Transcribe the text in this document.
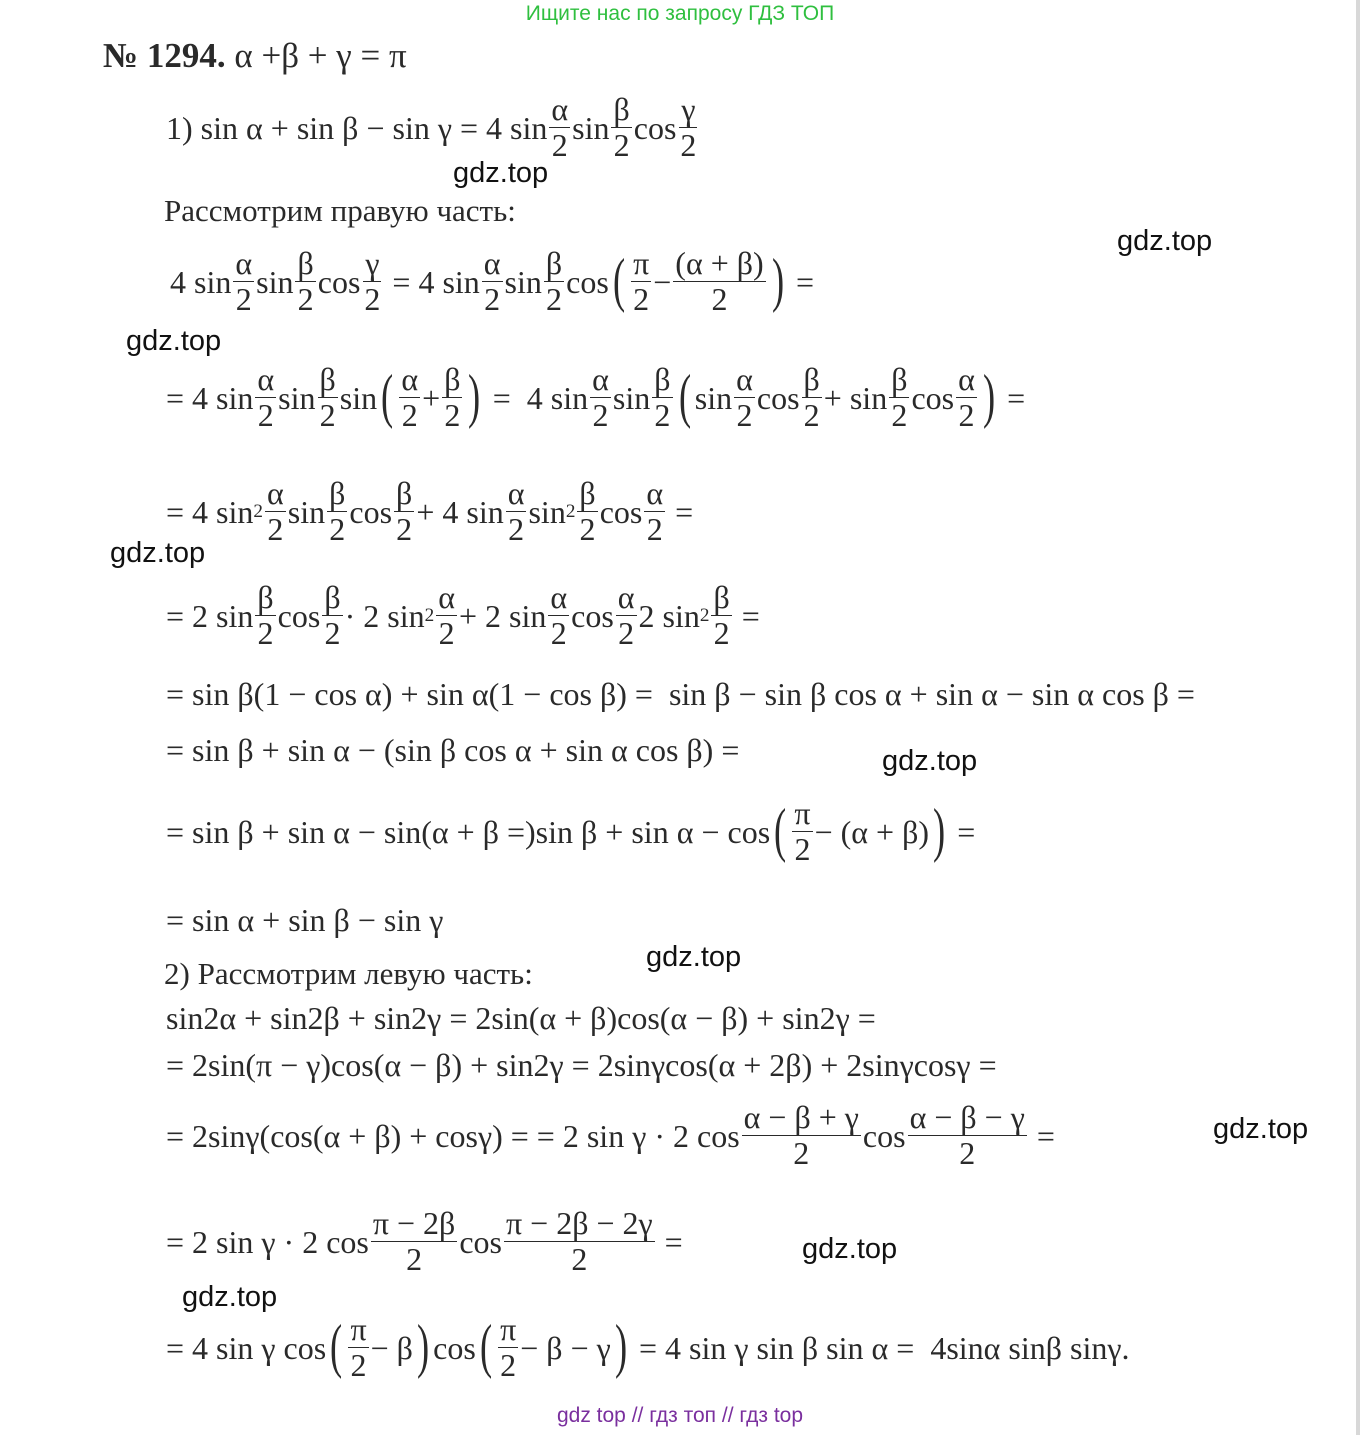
Ищите нас по запросу ГДЗ ТОП
№ 1294. α +β + γ = π
1) sin α + sin β − sin γ = 4 sin
α
2 sin
β
2 cos
γ
2
Рассмотрим правую часть:
4 sin
α
2 sin
β
2 cos
γ
2 = 4 sin
α
2 sin
β
2 cos ( π
2 −
(α + β)
2 ) =
= 4 sin
α
2 sin
β
2 sin ( α
2 +
β
2 ) =  4 sin
α
2 sin
β
2 ( sin
α
2 cos
β
2 + sin
β
2 cos
α
2 ) =
= 4 sin 2
α
2 sin
β
2 cos
β
2 + 4 sin
α
2 sin 2
β
2 cos
α
2 =
= 2 sin
β
2 cos
β
2 · 2 sin 2
α
2 + 2 sin
α
2 cos
α
2 2 sin 2
β
2 =
= sin β(1 − cos α) + sin α(1 − cos β) =  sin β − sin β cos α + sin α − sin α cos β =
= sin β + sin α − (sin β cos α + sin α cos β) =
= sin β + sin α − sin(α + β =)sin β + sin α − cos ( π
2 − (α + β) ) =
= sin α + sin β − sin γ
2) Рассмотрим левую часть:
sin2α + sin2β + sin2γ = 2sin(α + β)cos(α − β) + sin2γ =
= 2sin(π − γ)cos(α − β) + sin2γ = 2sinγcos(α + 2β) + 2sinγcosγ =
= 2sinγ(cos(α + β) + cosγ) = = 2 sin γ · 2 cos
α − β + γ
2 cos
α − β − γ
2 =
= 2 sin γ · 2 cos
π − 2β
2 cos
π − 2β − 2γ
2 =
= 4 sin γ cos ( π
2 − β ) cos ( π
2 − β − γ ) = 4 sin γ sin β sin α =  4sinα sinβ sinγ.
gdz.top
gdz.top
gdz.top
gdz.top
gdz.top
gdz.top
gdz.top
gdz.top
gdz.top
gdz top // гдз топ // гдз top
